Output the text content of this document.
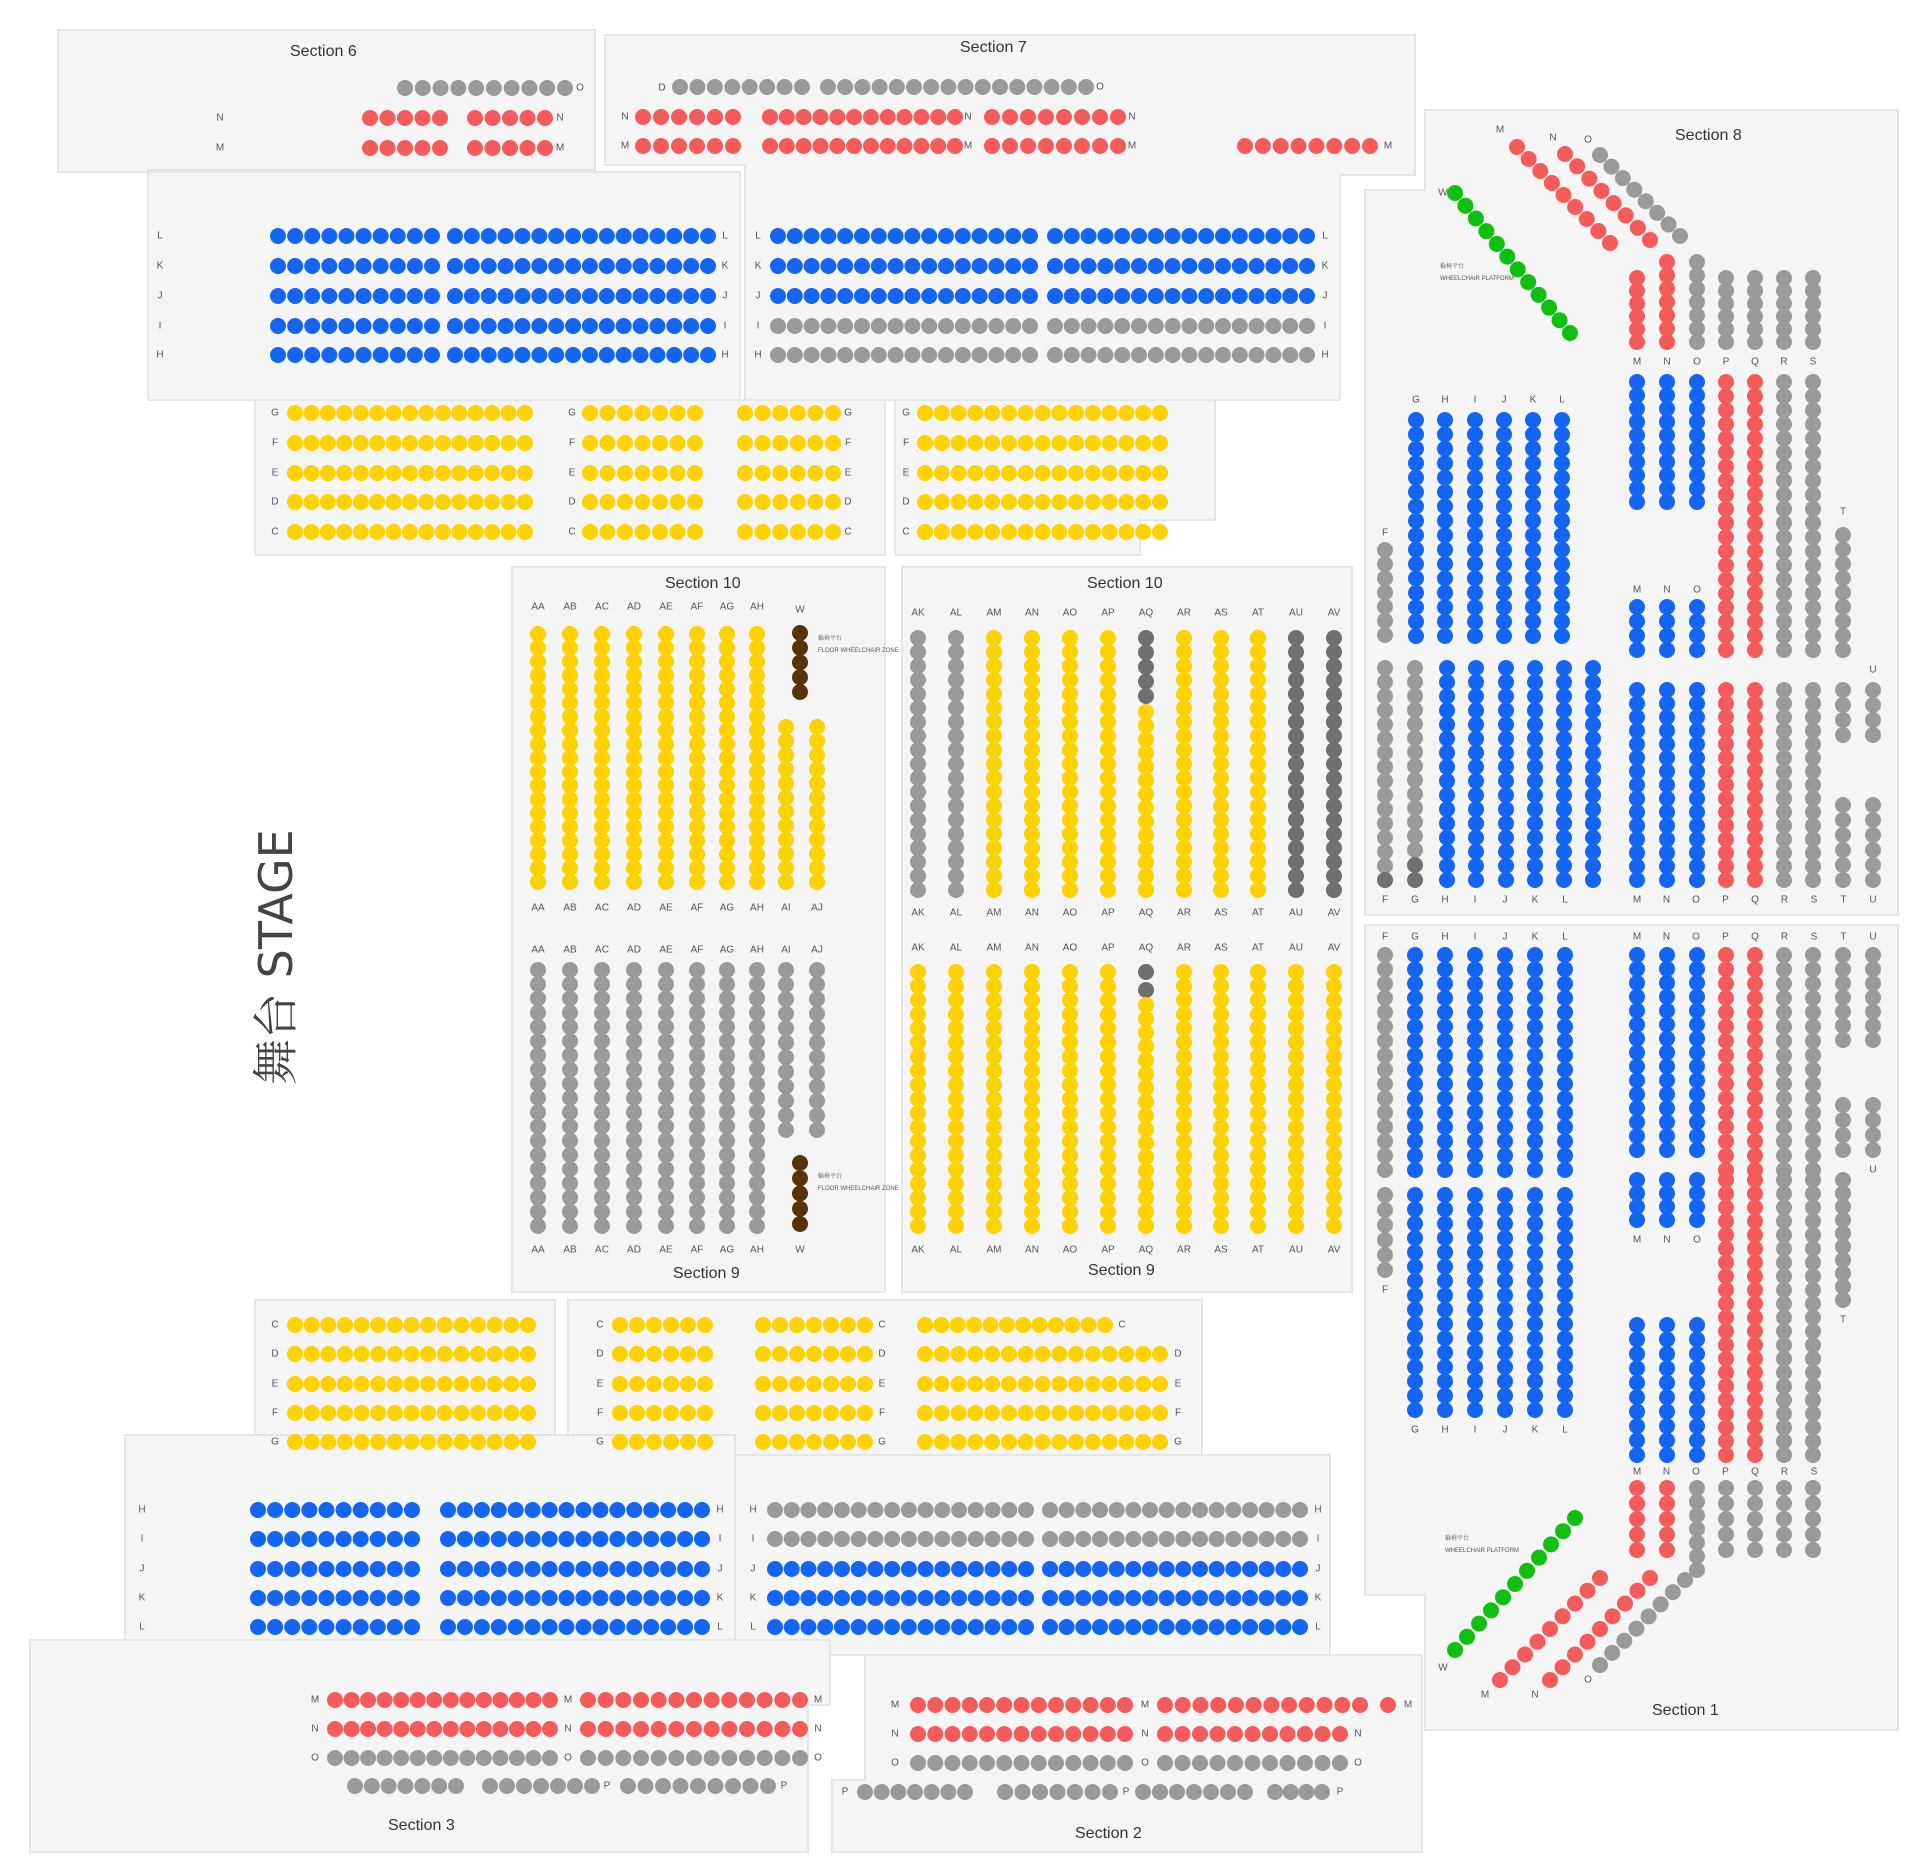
舞台 STAGE
Section 6	Section 7
Section 8
Section 10	Section 10
Section 9	Section 9
Section 3	Section 2
Section 1
輪椅平台
FLOOR WHEELCHAIR ZONE
輪椅平台
FLOOR WHEELCHAIR ZONE
輪椅平台
WHEELCHAIR PLATFORM
輪椅平台
WHEELCHAIR PLATFORM
O
N	N
M	M
D	O
N	N	N
M	M	M	M
L	L	L	L
K	K	K	K
J	J	J	J
I	I	I	I
H	H	H	H
G	G	G	G
F	F	F	F
E	E	E	E
D	D	D	D
C	C	C	C
AA
AA
AB
AB
AC
AC
AD
AD
AE
AE
AF
AF
AG
AG
AH
AH
W
AI AJ
AA
AA
AB
AB
AC
AC
AD
AD
AE
AE
AF
AF
AG
AG
AH
AH
AI AJ
W
AK
AK
AL
AL
AM
AM
AN
AN
AO
AO
AP
AP
AQ
AQ
AR
AR
AS
AS
AT
AT
AU
AU
AV
AV
AK
AK
AL
AL
AM
AM
AN
AN
AO
AO
AP
AP
AQ
AQ
AR
AR
AS
AS
AT
AT
AU
AU
AV
AV
W
M
N	O
M N O P Q R S
G H I	J K L
F
T
M N O
F G H I	J K L
U
M N O P Q R S T U
F G H I	J K L	M N O P Q R S T U
U
F
G H I	J K L
M N O
T
M N O P Q R S
W
M	N
O
C	C	C	C
D	D	D	D
E	E	E	E
F	F	F	F
G	G	G	G
H	H	H	H
I	I	I	I
J	J	J	J
K	K	K	K
L	L	L	L
M	M	M
N	N	N
O	O	O
P	P
M	M	M
N	N	N
O	O	O
P	P	P
